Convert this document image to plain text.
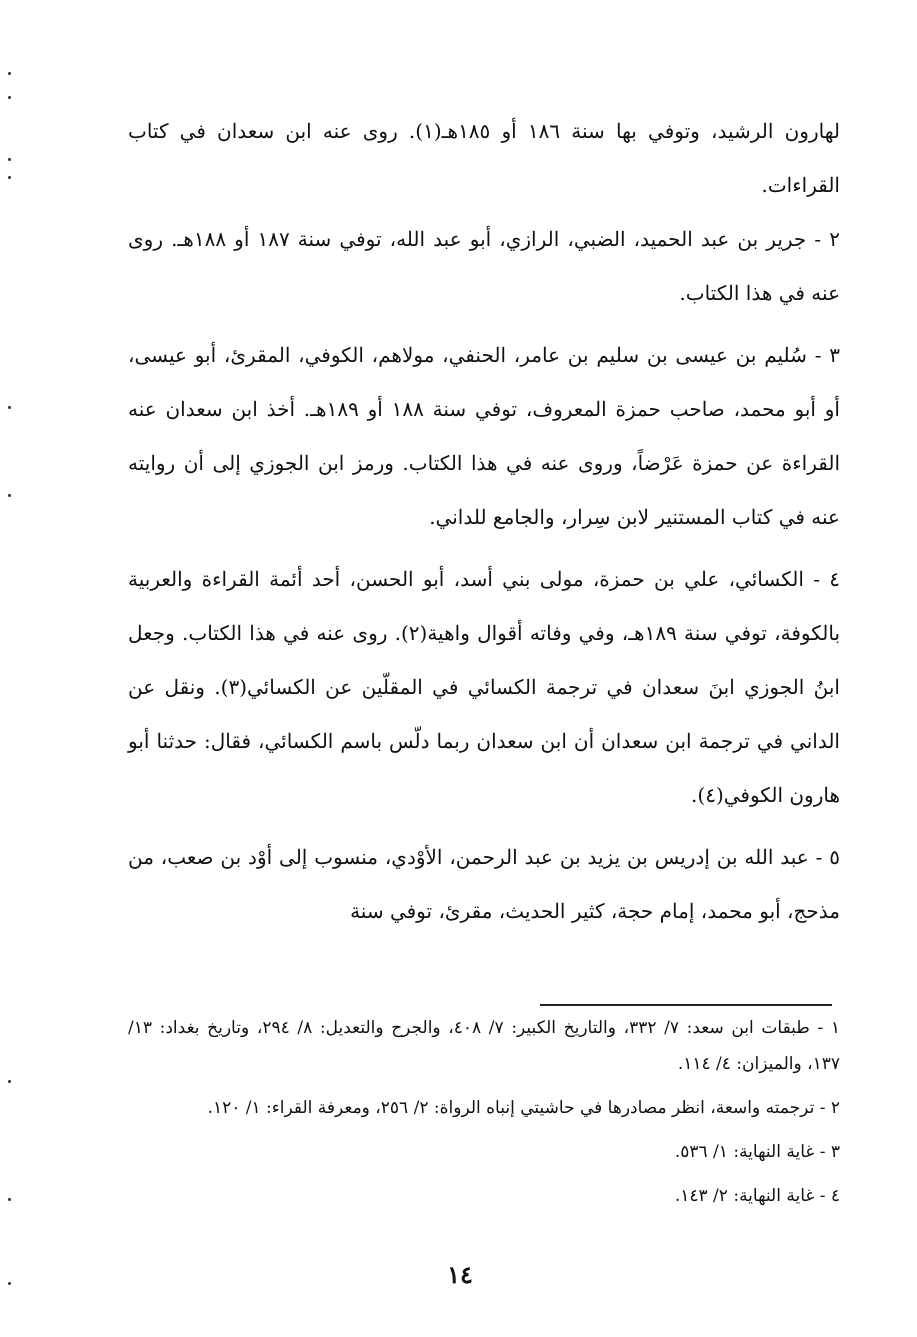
لهارون الرشيد، وتوفي بها سنة ١٨٦ أو ١٨٥هـ(١). روى عنه ابن سعدان في كتاب القراءات.

٢ - جرير بن عبد الحميد، الضبي، الرازي، أبو عبد الله، توفي سنة ١٨٧ أو ١٨٨هـ. روى عنه في هذا الكتاب.

٣ - سُليم بن عيسى بن سليم بن عامر، الحنفي، مولاهم، الكوفي، المقرئ، أبو عيسى، أو أبو محمد، صاحب حمزة المعروف، توفي سنة ١٨٨ أو ١٨٩هـ. أخذ ابن سعدان عنه القراءة عن حمزة عَرْضاً، وروى عنه في هذا الكتاب. ورمز ابن الجوزي إلى أن روايته عنه في كتاب المستنير لابن سِرار، والجامع للداني.

٤ - الكسائي، علي بن حمزة، مولى بني أسد، أبو الحسن، أحد أئمة القراءة والعربية بالكوفة، توفي سنة ١٨٩هـ، وفي وفاته أقوال واهية(٢). روى عنه في هذا الكتاب. وجعل ابنُ الجوزي ابنَ سعدان في ترجمة الكسائي في المقلّين عن الكسائي(٣). ونقل عن الداني في ترجمة ابن سعدان أن ابن سعدان ربما دلّس باسم الكسائي، فقال: حدثنا أبو هارون الكوفي(٤).

٥ - عبد الله بن إدريس بن يزيد بن عبد الرحمن، الأوْدي، منسوب إلى أوْد بن صعب، من مذحج، أبو محمد، إمام حجة، كثير الحديث، مقرئ، توفي سنة

١ - طبقات ابن سعد: ٧/ ٣٣٢، والتاريخ الكبير: ٧/ ٤٠٨، والجرح والتعديل: ٨/ ٢٩٤، وتاريخ بغداد: ١٣/ ١٣٧، والميزان: ٤/ ١١٤.

٢ - ترجمته واسعة، انظر مصادرها في حاشيتي إنباه الرواة: ٢/ ٢٥٦، ومعرفة القراء: ١/ ١٢٠.

٣ - غاية النهاية: ١/ ٥٣٦.

٤ - غاية النهاية: ٢/ ١٤٣.

١٤
